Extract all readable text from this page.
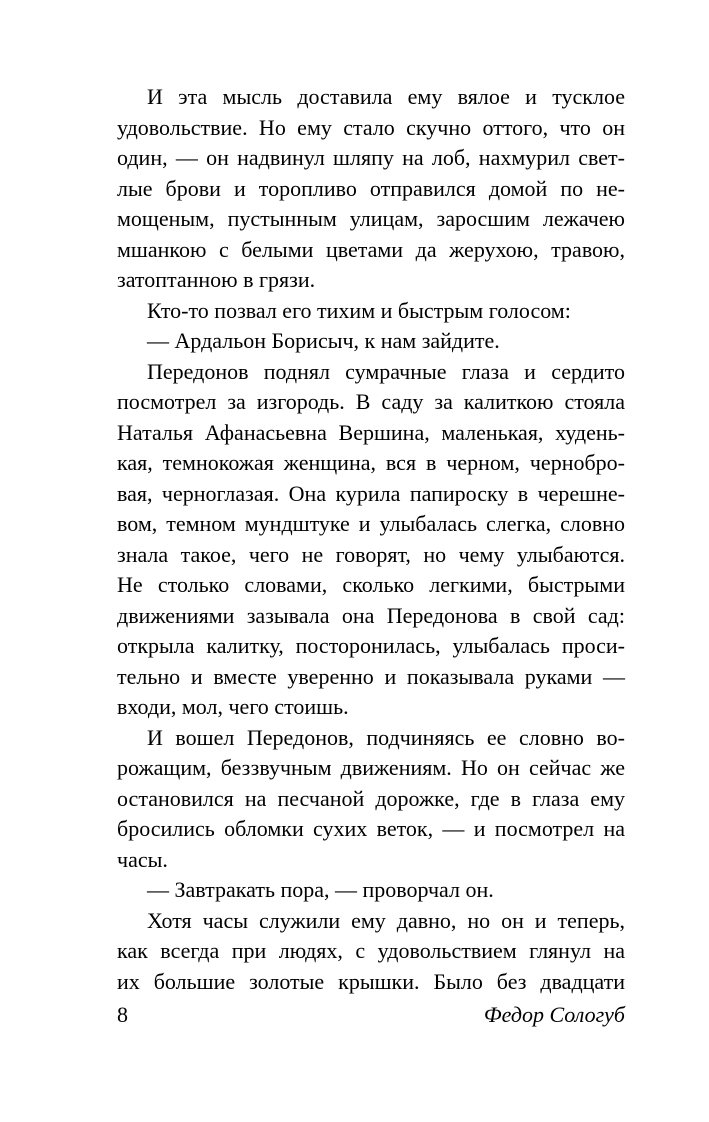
И эта мысль доставила ему вялое и тусклое
удовольствие. Но ему стало скучно оттого, что он
один, — он надвинул шляпу на лоб, нахмурил свет-
лые брови и торопливо отправился домой по не-
мощеным, пустынным улицам, заросшим лежачею
мшанкою с белыми цветами да жерухою, травою,
затоптанною в грязи.
Кто-то позвал его тихим и быстрым голосом:
— Ардальон Борисыч, к нам зайдите.
Передонов поднял сумрачные глаза и сердито
посмотрел за изгородь. В саду за калиткою стояла
Наталья Афанасьевна Вершина, маленькая, худень-
кая, темнокожая женщина, вся в черном, чернобро-
вая, черноглазая. Она курила папироску в черешне-
вом, темном мундштуке и улыбалась слегка, словно
знала такое, чего не говорят, но чему улыбаются.
Не столько словами, сколько легкими, быстрыми
движениями зазывала она Передонова в свой сад:
открыла калитку, посторонилась, улыбалась проси-
тельно и вместе уверенно и показывала руками —
входи, мол, чего стоишь.
И вошел Передонов, подчиняясь ее словно во-
рожащим, беззвучным движениям. Но он сейчас же
остановился на песчаной дорожке, где в глаза ему
бросились обломки сухих веток, — и посмотрел на
часы.
— Завтракать пора, — проворчал он.
Хотя часы служили ему давно, но он и теперь,
как всегда при людях, с удовольствием глянул на
их большие золотые крышки. Было без двадцати
8	Федор Сологуб
